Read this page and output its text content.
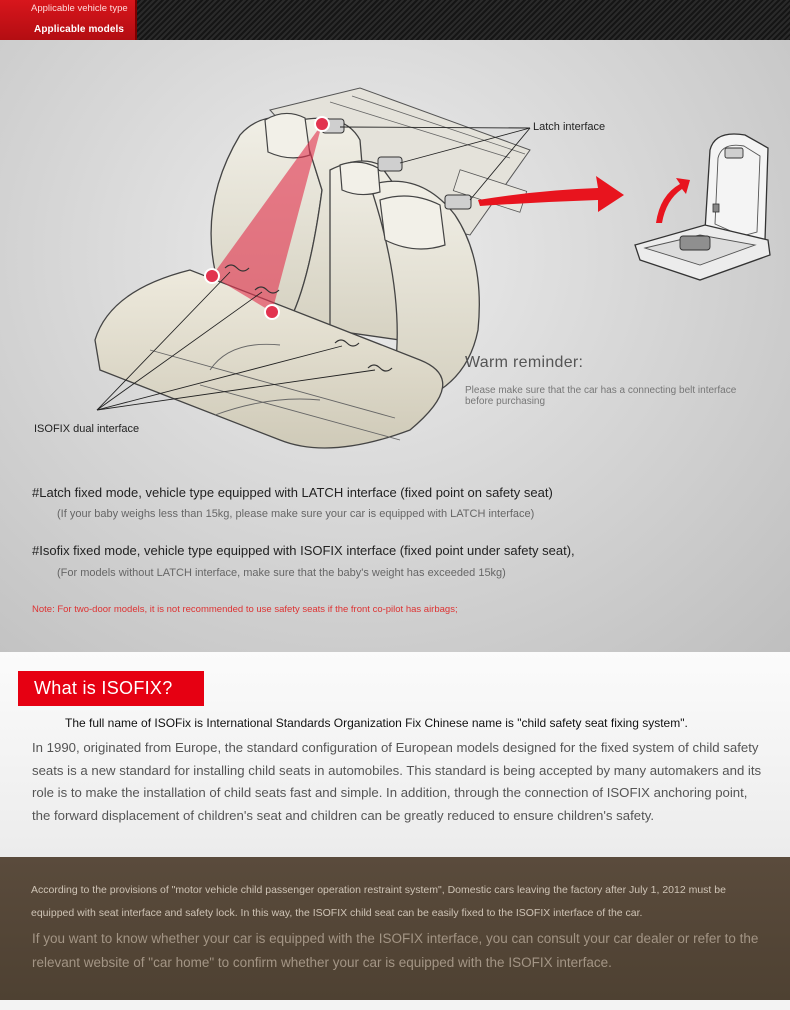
Applicable vehicle type
Applicable models
Latch interface
ISOFIX dual interface
Warm reminder:
Please make sure that the car has a connecting belt interface before purchasing
#Latch fixed mode, vehicle type equipped with LATCH interface (fixed point on safety seat)
(If your baby weighs less than 15kg, please make sure your car is equipped with LATCH interface)
#Isofix fixed mode, vehicle type equipped with ISOFIX interface (fixed point under safety seat),
(For models without LATCH interface, make sure that the baby's weight has exceeded 15kg)
Note: For two-door models, it is not recommended to use safety seats if the front co-pilot has airbags;
What is ISOFIX?
The full name of ISOFix is International Standards Organization Fix Chinese name is "child safety seat fixing system".
In 1990, originated from Europe, the standard configuration of European models designed for the fixed system of child safety seats is a new standard for installing child seats in automobiles. This standard is being accepted by many automakers and its role is to make the installation of child seats fast and simple. In addition, through the connection of ISOFIX anchoring point, the forward displacement of children's seat and children can be greatly reduced to ensure children's safety.
According to the provisions of "motor vehicle child passenger operation restraint system", Domestic cars leaving the factory after July 1, 2012 must be equipped with seat interface and safety lock. In this way, the ISOFIX child seat can be easily fixed to the ISOFIX interface of the car.
If you want to know whether your car is equipped with the ISOFIX interface, you can consult your car dealer or refer to the relevant website of "car home" to confirm whether your car is equipped with the ISOFIX interface.
